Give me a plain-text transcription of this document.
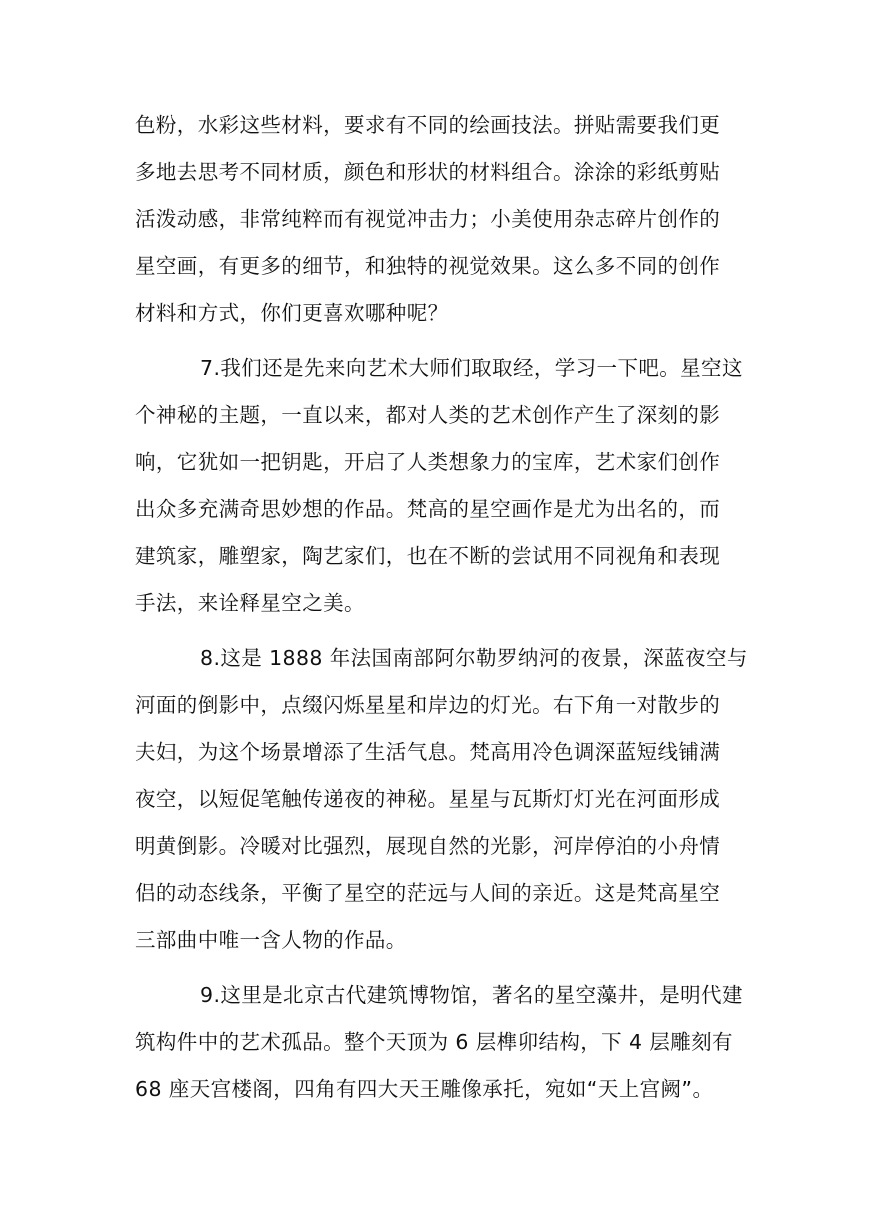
色粉，水彩这些材料，要求有不同的绘画技法。拼贴需要我们更
多地去思考不同材质，颜色和形状的材料组合。涂涂的彩纸剪贴
活泼动感，非常纯粹而有视觉冲击力；小美使用杂志碎片创作的
星空画，有更多的细节，和独特的视觉效果。这么多不同的创作
材料和方式，你们更喜欢哪种呢？
7.我们还是先来向艺术大师们取取经，学习一下吧。星空这
个神秘的主题，一直以来，都对人类的艺术创作产生了深刻的影
响，它犹如一把钥匙，开启了人类想象力的宝库，艺术家们创作
出众多充满奇思妙想的作品。梵高的星空画作是尤为出名的，而
建筑家，雕塑家，陶艺家们，也在不断的尝试用不同视角和表现
手法，来诠释星空之美。
8.这是 1888 年法国南部阿尔勒罗纳河的夜景，深蓝夜空与
河面的倒影中，点缀闪烁星星和岸边的灯光。右下角一对散步的
夫妇，为这个场景增添了生活气息。梵高用冷色调深蓝短线铺满
夜空，以短促笔触传递夜的神秘。星星与瓦斯灯灯光在河面形成
明黄倒影。冷暖对比强烈，展现自然的光影，河岸停泊的小舟情
侣的动态线条，平衡了星空的茫远与人间的亲近。这是梵高星空
三部曲中唯一含人物的作品。
9.这里是北京古代建筑博物馆，著名的星空藻井，是明代建
筑构件中的艺术孤品。整个天顶为 6 层榫卯结构，下 4 层雕刻有
68 座天宫楼阁，四角有四大天王雕像承托，宛如“天上宫阙”。
